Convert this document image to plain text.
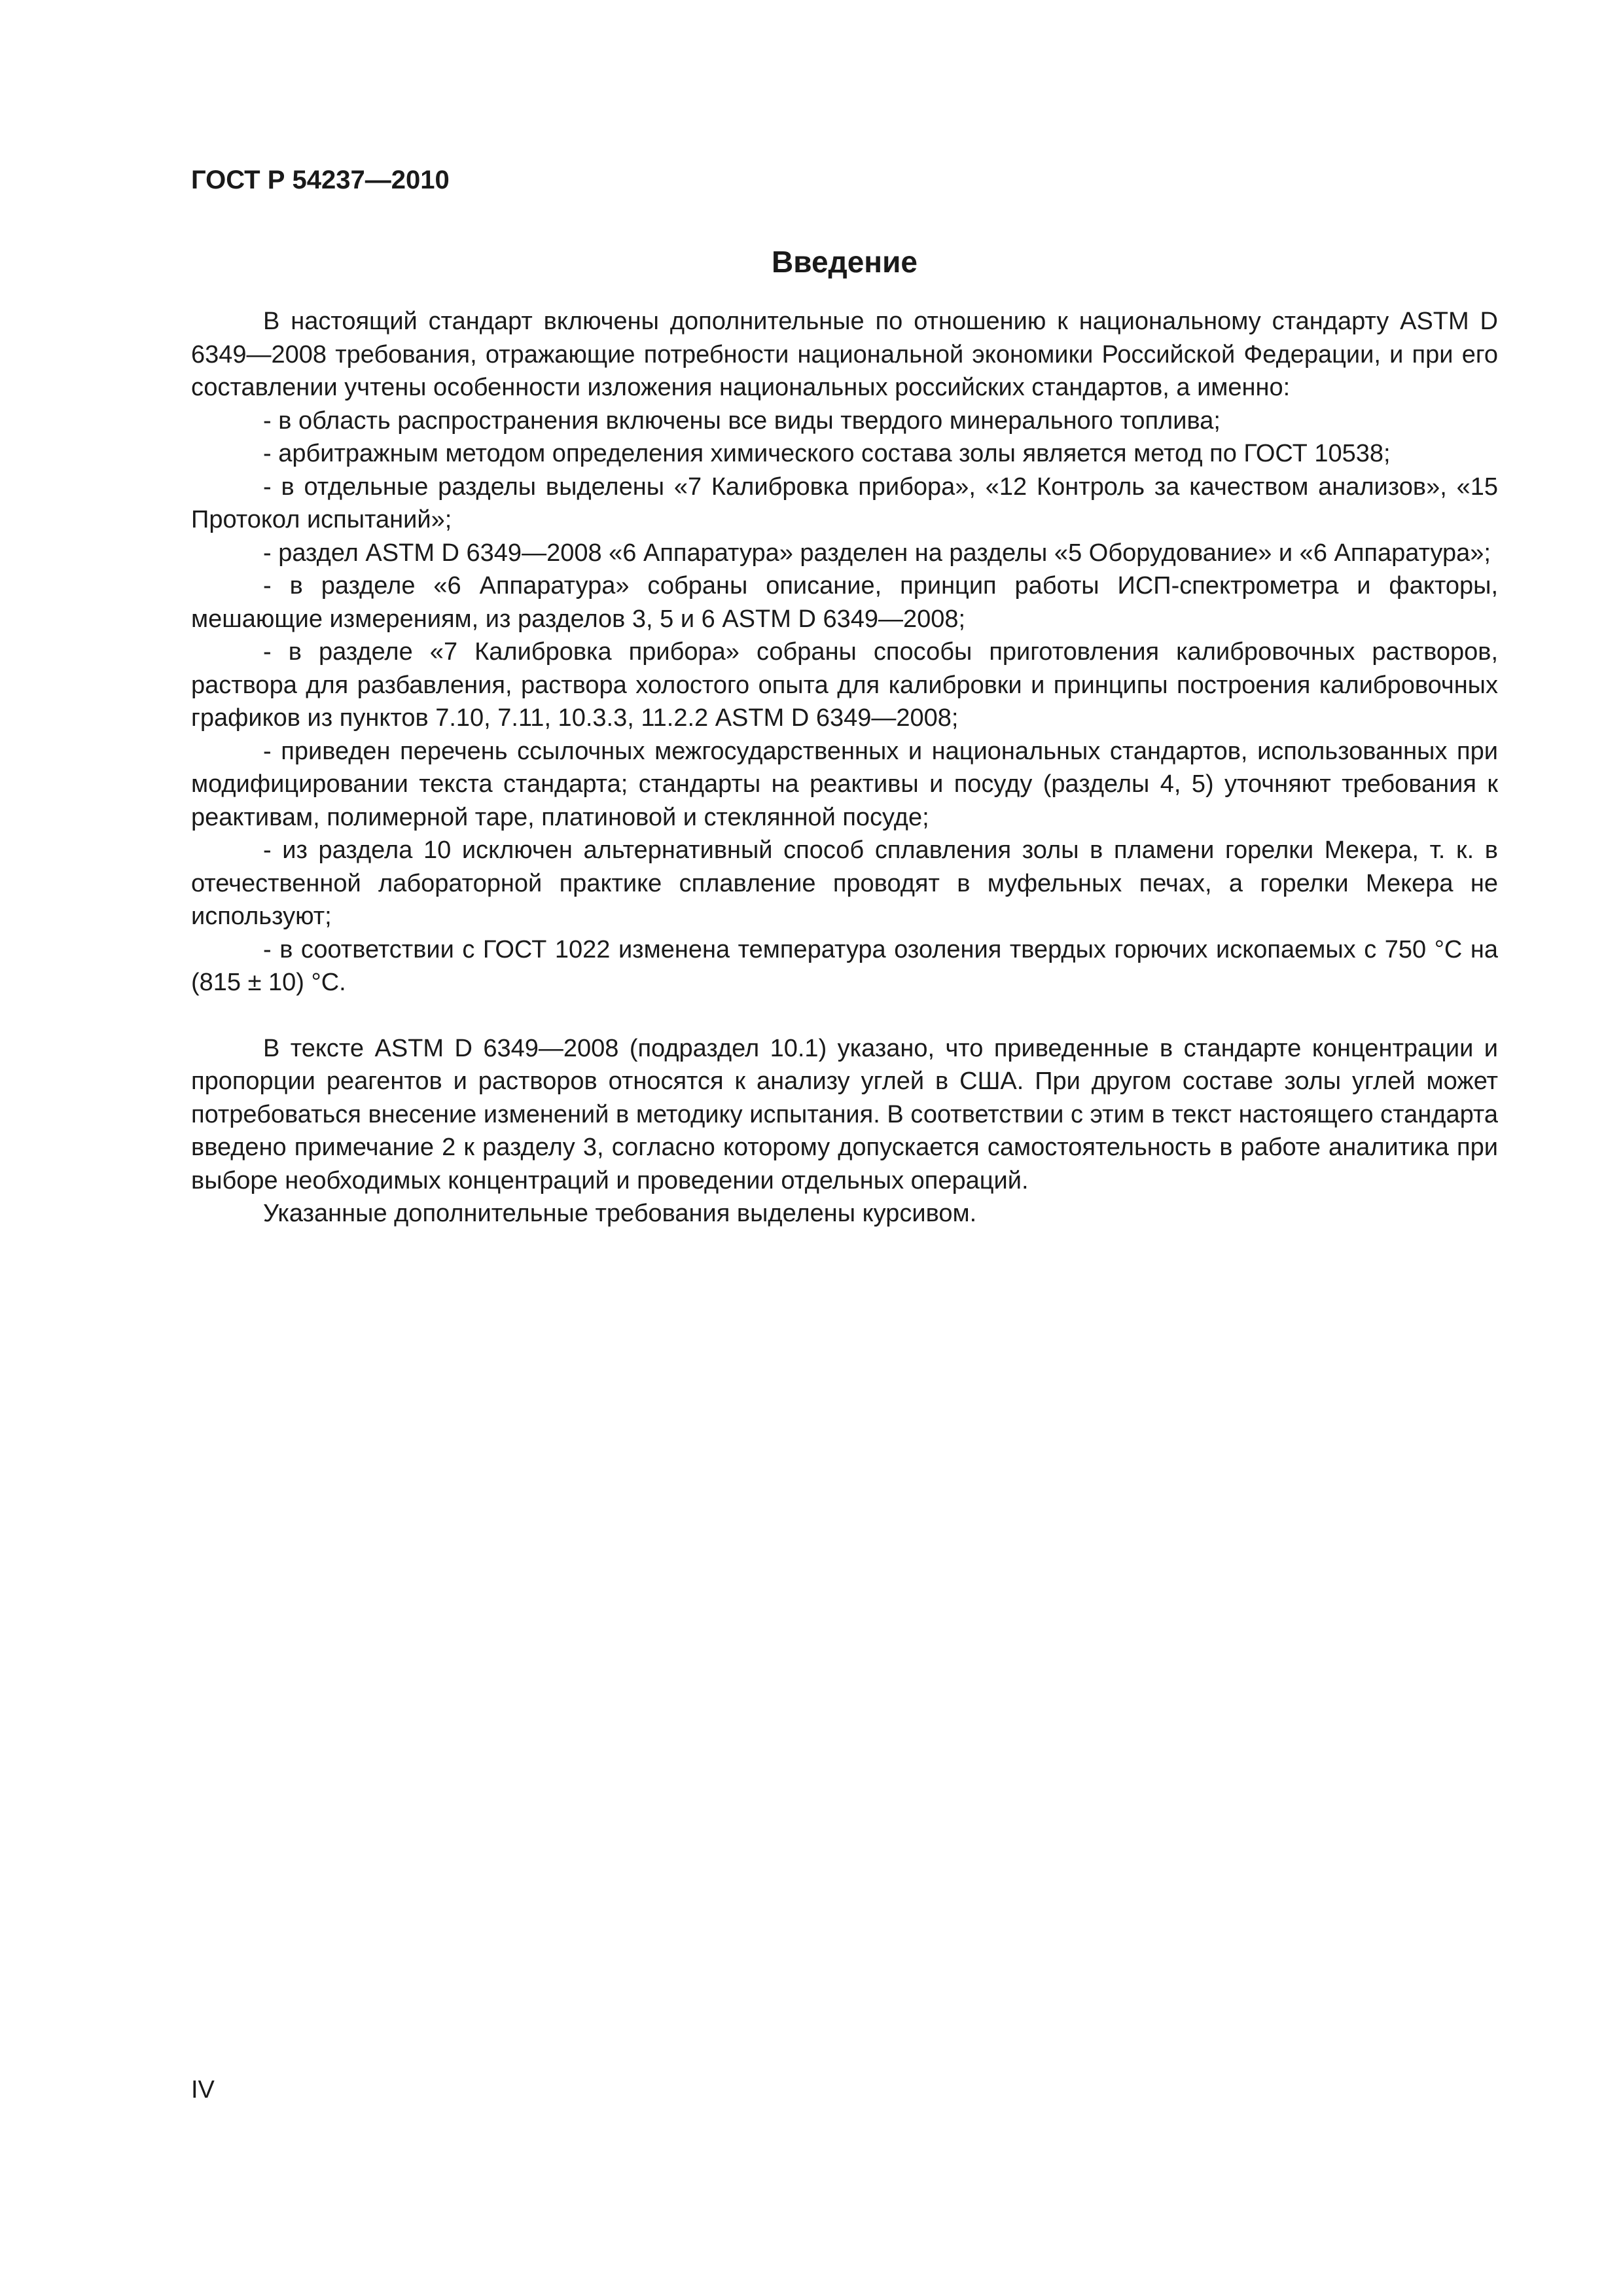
ГОСТ Р 54237—2010

Введение

В настоящий стандарт включены дополнительные по отношению к национальному стандарту ASTM D 6349—2008 требования, отражающие потребности национальной экономики Российской Федерации, и при его составлении учтены особенности изложения национальных российских стандартов, а именно:

- в область распространения включены все виды твердого минерального топлива;
- арбитражным методом определения химического состава золы является метод по ГОСТ 10538;
- в отдельные разделы выделены «7 Калибровка прибора», «12 Контроль за качеством анализов», «15 Протокол испытаний»;
- раздел ASTM D 6349—2008 «6 Аппаратура» разделен на разделы «5 Оборудование» и «6 Аппаратура»;
- в разделе «6 Аппаратура» собраны описание, принцип работы ИСП-спектрометра и факторы, мешающие измерениям, из разделов 3, 5 и 6 ASTM D 6349—2008;
- в разделе «7 Калибровка прибора» собраны способы приготовления калибровочных растворов, раствора для разбавления, раствора холостого опыта для калибровки и принципы построения калибровочных графиков из пунктов 7.10, 7.11, 10.3.3, 11.2.2 ASTM D 6349—2008;
- приведен перечень ссылочных межгосударственных и национальных стандартов, использованных при модифицировании текста стандарта; стандарты на реактивы и посуду (разделы 4, 5) уточняют требования к реактивам, полимерной таре, платиновой и стеклянной посуде;
- из раздела 10 исключен альтернативный способ сплавления золы в пламени горелки Мекера, т. к. в отечественной лабораторной практике сплавление проводят в муфельных печах, а горелки Мекера не используют;
- в соответствии с ГОСТ 1022 изменена температура озоления твердых горючих ископаемых с 750 °С на (815 ± 10) °С.

В тексте ASTM D 6349—2008 (подраздел 10.1) указано, что приведенные в стандарте концентрации и пропорции реагентов и растворов относятся к анализу углей в США. При другом составе золы углей может потребоваться внесение изменений в методику испытания. В соответствии с этим в текст настоящего стандарта введено примечание 2 к разделу 3, согласно которому допускается самостоятельность в работе аналитика при выборе необходимых концентраций и проведении отдельных операций.

Указанные дополнительные требования выделены курсивом.

IV
